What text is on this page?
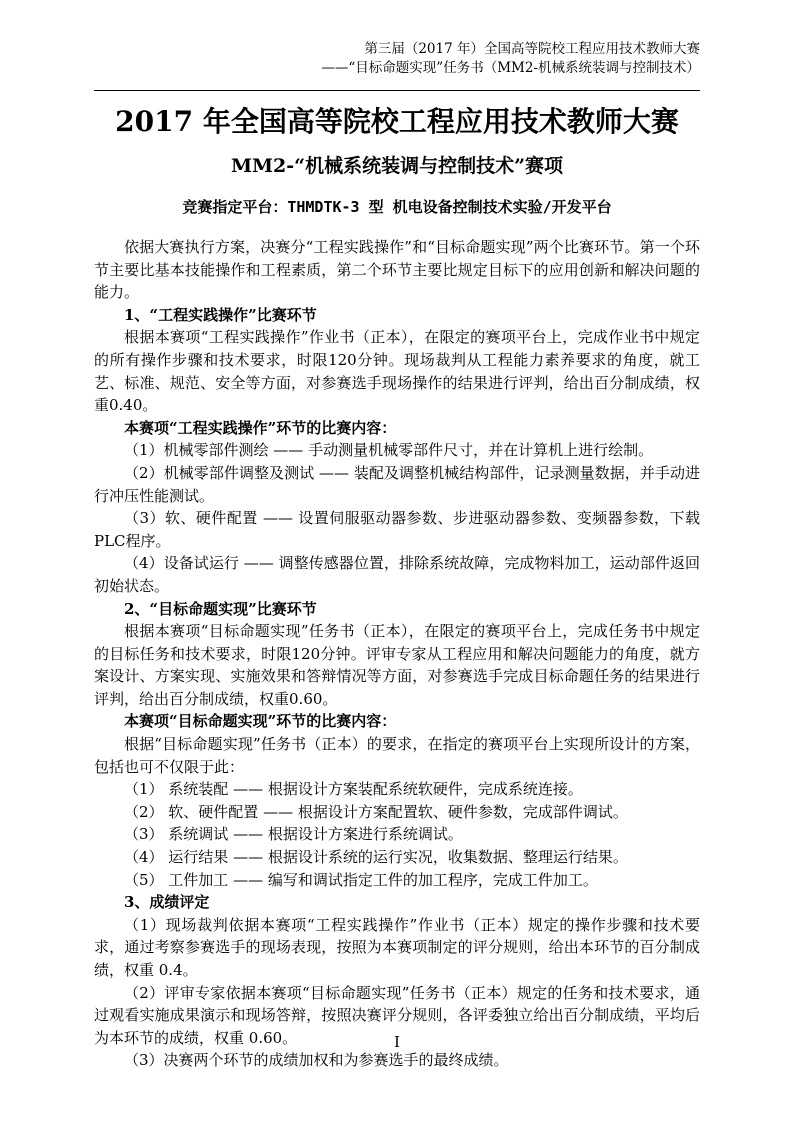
第三届（2017 年）全国高等院校工程应用技术教师大赛
——“目标命题实现”任务书（MM2-机械系统装调与控制技术）
2017 年全国高等院校工程应用技术教师大赛
MM2-“机械系统装调与控制技术”赛项
竞赛指定平台：THMDTK-3 型 机电设备控制技术实验/开发平台

依据大赛执行方案，决赛分“工程实践操作”和“目标命题实现”两个比赛环节。第一个环节主要比基本技能操作和工程素质，第二个环节主要比规定目标下的应用创新和解决问题的能力。

1、“工程实践操作”比赛环节

根据本赛项“工程实践操作”作业书（正本），在限定的赛项平台上，完成作业书中规定的所有操作步骤和技术要求，时限120分钟。现场裁判从工程能力素养要求的角度，就工艺、标准、规范、安全等方面，对参赛选手现场操作的结果进行评判，给出百分制成绩，权重0.40。

本赛项“工程实践操作”环节的比赛内容：

（1）机械零部件测绘 —— 手动测量机械零部件尺寸，并在计算机上进行绘制。

（2）机械零部件调整及测试 —— 装配及调整机械结构部件，记录测量数据，并手动进行冲压性能测试。

（3）软、硬件配置 —— 设置伺服驱动器参数、步进驱动器参数、变频器参数，下载PLC程序。

（4）设备试运行 —— 调整传感器位置，排除系统故障，完成物料加工，运动部件返回初始状态。

2、“目标命题实现”比赛环节

根据本赛项“目标命题实现”任务书（正本），在限定的赛项平台上，完成任务书中规定的目标任务和技术要求，时限120分钟。评审专家从工程应用和解决问题能力的角度，就方案设计、方案实现、实施效果和答辩情况等方面，对参赛选手完成目标命题任务的结果进行评判，给出百分制成绩，权重0.60。

本赛项“目标命题实现”环节的比赛内容：

根据“目标命题实现”任务书（正本）的要求，在指定的赛项平台上实现所设计的方案，包括也可不仅限于此：

（1） 系统装配 —— 根据设计方案装配系统软硬件，完成系统连接。

（2） 软、硬件配置 —— 根据设计方案配置软、硬件参数，完成部件调试。

（3） 系统调试 —— 根据设计方案进行系统调试。

（4） 运行结果 —— 根据设计系统的运行实况，收集数据、整理运行结果。

（5） 工件加工 —— 编写和调试指定工件的加工程序，完成工件加工。

3、成绩评定

（1）现场裁判依据本赛项“工程实践操作”作业书（正本）规定的操作步骤和技术要求，通过考察参赛选手的现场表现，按照为本赛项制定的评分规则，给出本环节的百分制成绩，权重 0.4。

（2）评审专家依据本赛项“目标命题实现”任务书（正本）规定的任务和技术要求，通过观看实施成果演示和现场答辩，按照决赛评分规则，各评委独立给出百分制成绩，平均后为本环节的成绩，权重 0.60。

（3）决赛两个环节的成绩加权和为参赛选手的最终成绩。

I
